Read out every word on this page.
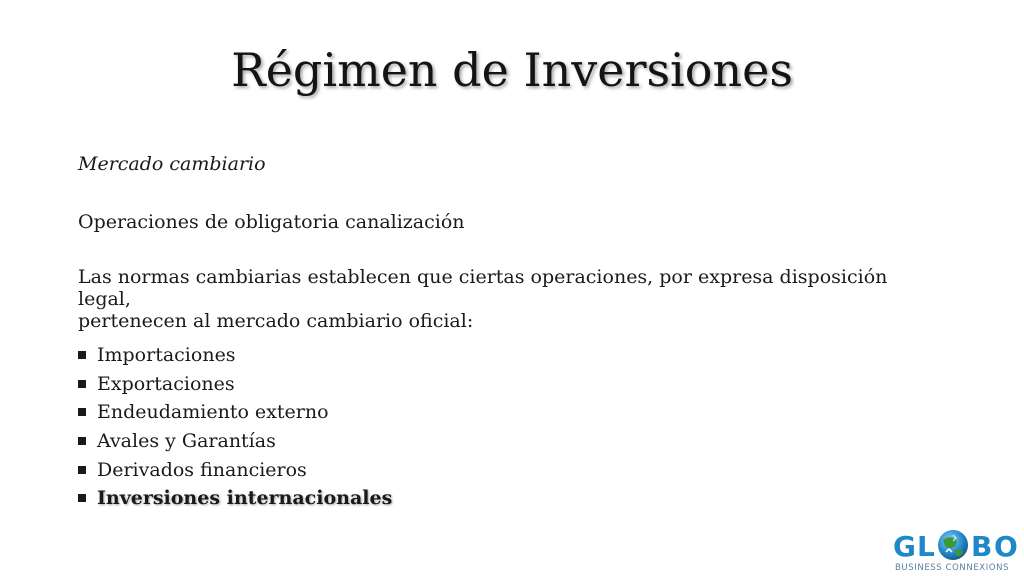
Régimen de Inversiones
Mercado cambiario
Operaciones de obligatoria canalización
Las normas cambiarias establecen que ciertas operaciones, por expresa disposición legal,
pertenecen al mercado cambiario oficial:
Importaciones
Exportaciones
Endeudamiento externo
Avales y Garantías
Derivados financieros
Inversiones internacionales
G L B O
BUSINESS CONNEXIONS
